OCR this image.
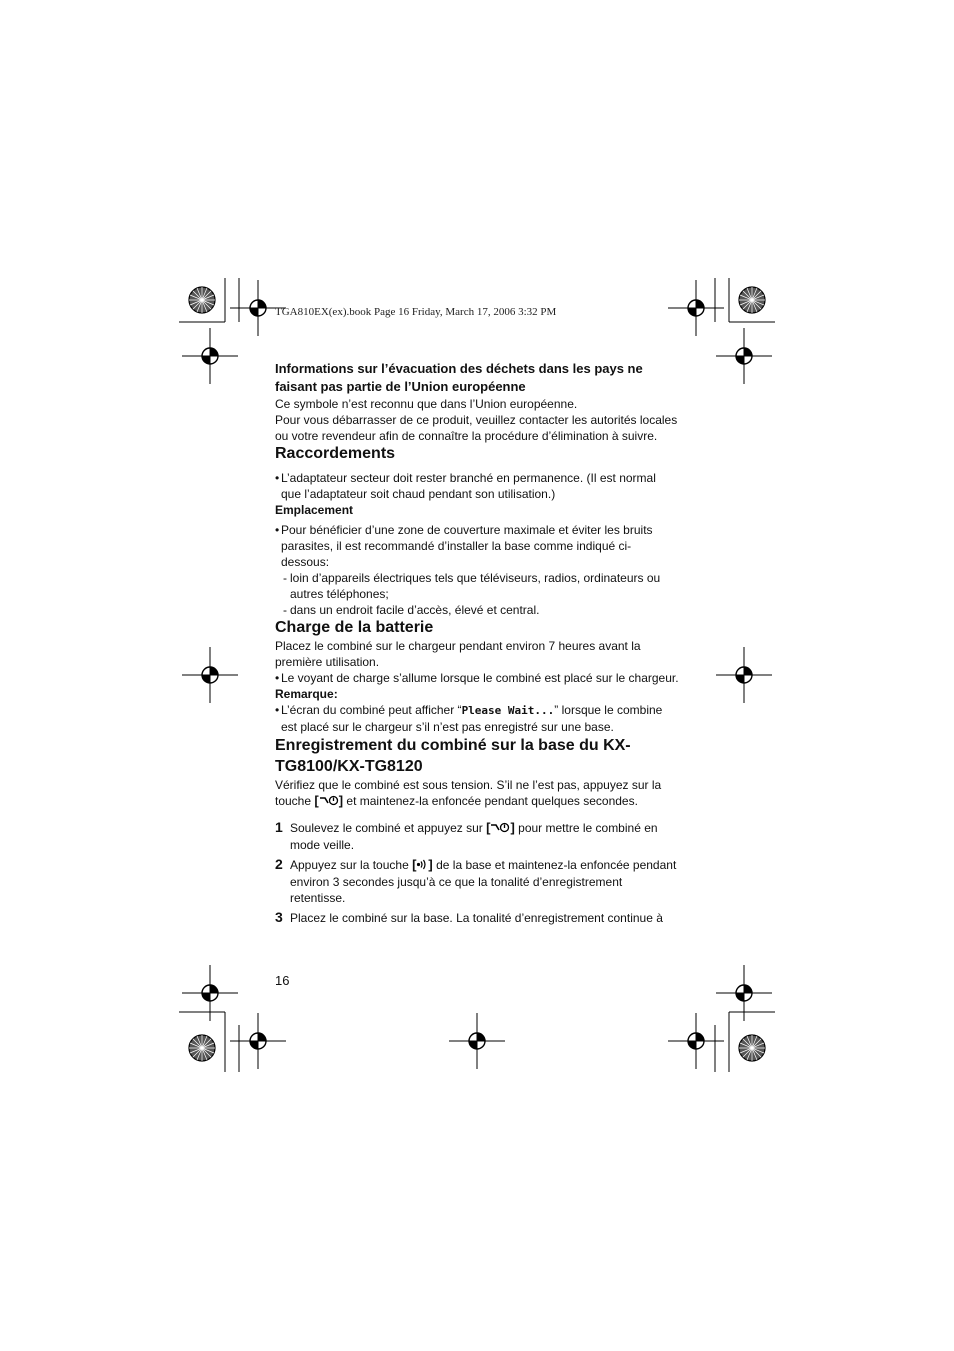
TGA810EX(ex).book Page 16 Friday, March 17, 2006 3:32 PM

Informations sur l’évacuation des déchets dans les pays ne

faisant pas partie de l’Union européenne

Ce symbole n’est reconnu que dans l’Union européenne.

Pour vous débarrasser de ce produit, veuillez contacter les autorités locales

ou votre revendeur afin de connaître la procédure d’élimination à suivre.

Raccordements

• L’adaptateur secteur doit rester branché en permanence. (Il est normal
que l’adaptateur soit chaud pendant son utilisation.)

Emplacement

• Pour bénéficier d’une zone de couverture maximale et éviter les bruits
parasites, il est recommandé d’installer la base comme indiqué ci-
dessous:
- loin d’appareils électriques tels que téléviseurs, radios, ordinateurs ou
autres téléphones;
- dans un endroit facile d’accès, élevé et central.

Charge de la batterie

Placez le combiné sur le chargeur pendant environ 7 heures avant la

première utilisation.

• Le voyant de charge s’allume lorsque le combiné est placé sur le chargeur.

Remarque:

• L’écran du combiné peut afficher “Please Wait...” lorsque le combine
est placé sur le chargeur s’il n’est pas enregistré sur une base.

Enregistrement du combiné sur la base du KX-

TG8100/KX-TG8120

Vérifiez que le combiné est sous tension. S’il ne l’est pas, appuyez sur la

touche [ ] et maintenez-la enfoncée pendant quelques secondes.

1 Soulevez le combiné et appuyez sur [ ] pour mettre le combiné en
mode veille.
2 Appuyez sur la touche [ ] de la base et maintenez-la enfoncée pendant
environ 3 secondes jusqu’à ce que la tonalité d’enregistrement
retentisse.
3 Placez le combiné sur la base. La tonalité d’enregistrement continue à
16
